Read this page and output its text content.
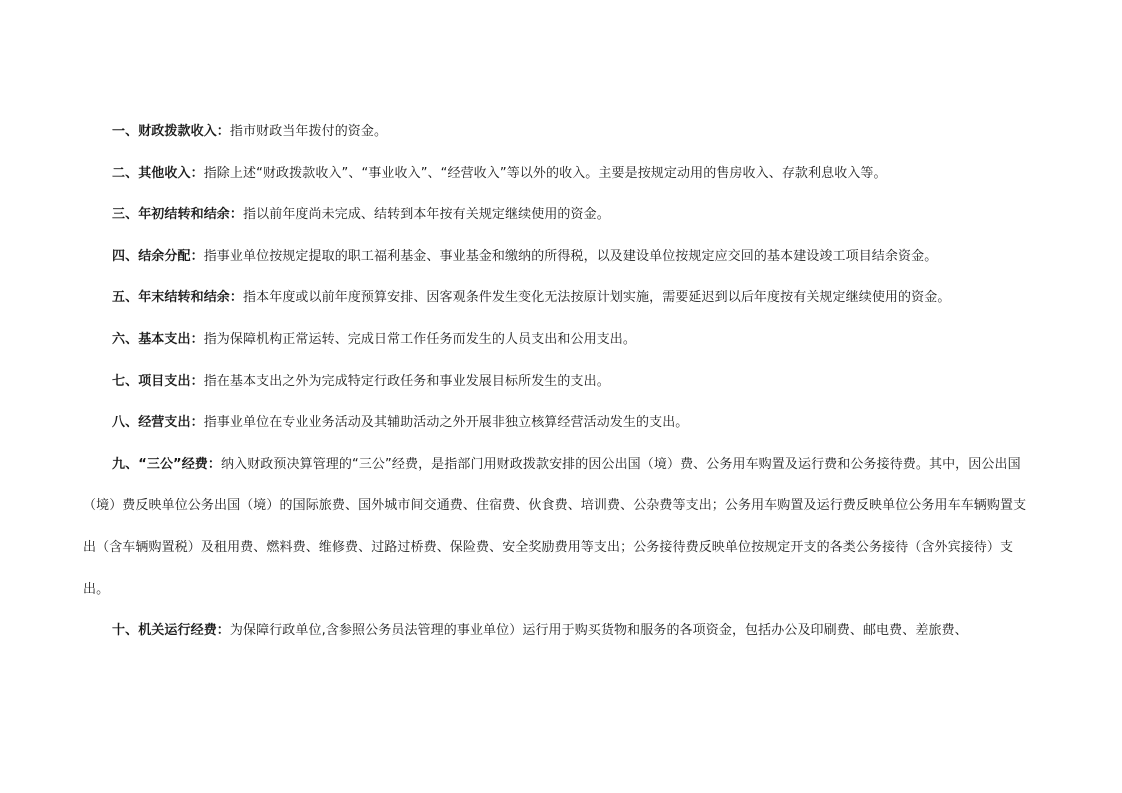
一、财政拨款收入：指市财政当年拨付的资金。

二、其他收入：指除上述“财政拨款收入”、“事业收入”、“经营收入”等以外的收入。主要是按规定动用的售房收入、存款利息收入等。

三、年初结转和结余：指以前年度尚未完成、结转到本年按有关规定继续使用的资金。

四、结余分配：指事业单位按规定提取的职工福利基金、事业基金和缴纳的所得税，以及建设单位按规定应交回的基本建设竣工项目结余资金。

五、年末结转和结余：指本年度或以前年度预算安排、因客观条件发生变化无法按原计划实施，需要延迟到以后年度按有关规定继续使用的资金。

六、基本支出：指为保障机构正常运转、完成日常工作任务而发生的人员支出和公用支出。

七、项目支出：指在基本支出之外为完成特定行政任务和事业发展目标所发生的支出。

八、经营支出：指事业单位在专业业务活动及其辅助活动之外开展非独立核算经营活动发生的支出。

九、“三公”经费：纳入财政预决算管理的“三公”经费，是指部门用财政拨款安排的因公出国（境）费、公务用车购置及运行费和公务接待费。其中，因公出国（境）费反映单位公务出国（境）的国际旅费、国外城市间交通费、住宿费、伙食费、培训费、公杂费等支出；公务用车购置及运行费反映单位公务用车车辆购置支出（含车辆购置税）及租用费、燃料费、维修费、过路过桥费、保险费、安全奖励费用等支出；公务接待费反映单位按规定开支的各类公务接待（含外宾接待）支出。

十、机关运行经费：为保障行政单位,含参照公务员法管理的事业单位）运行用于购买货物和服务的各项资金，包括办公及印刷费、邮电费、差旅费、
